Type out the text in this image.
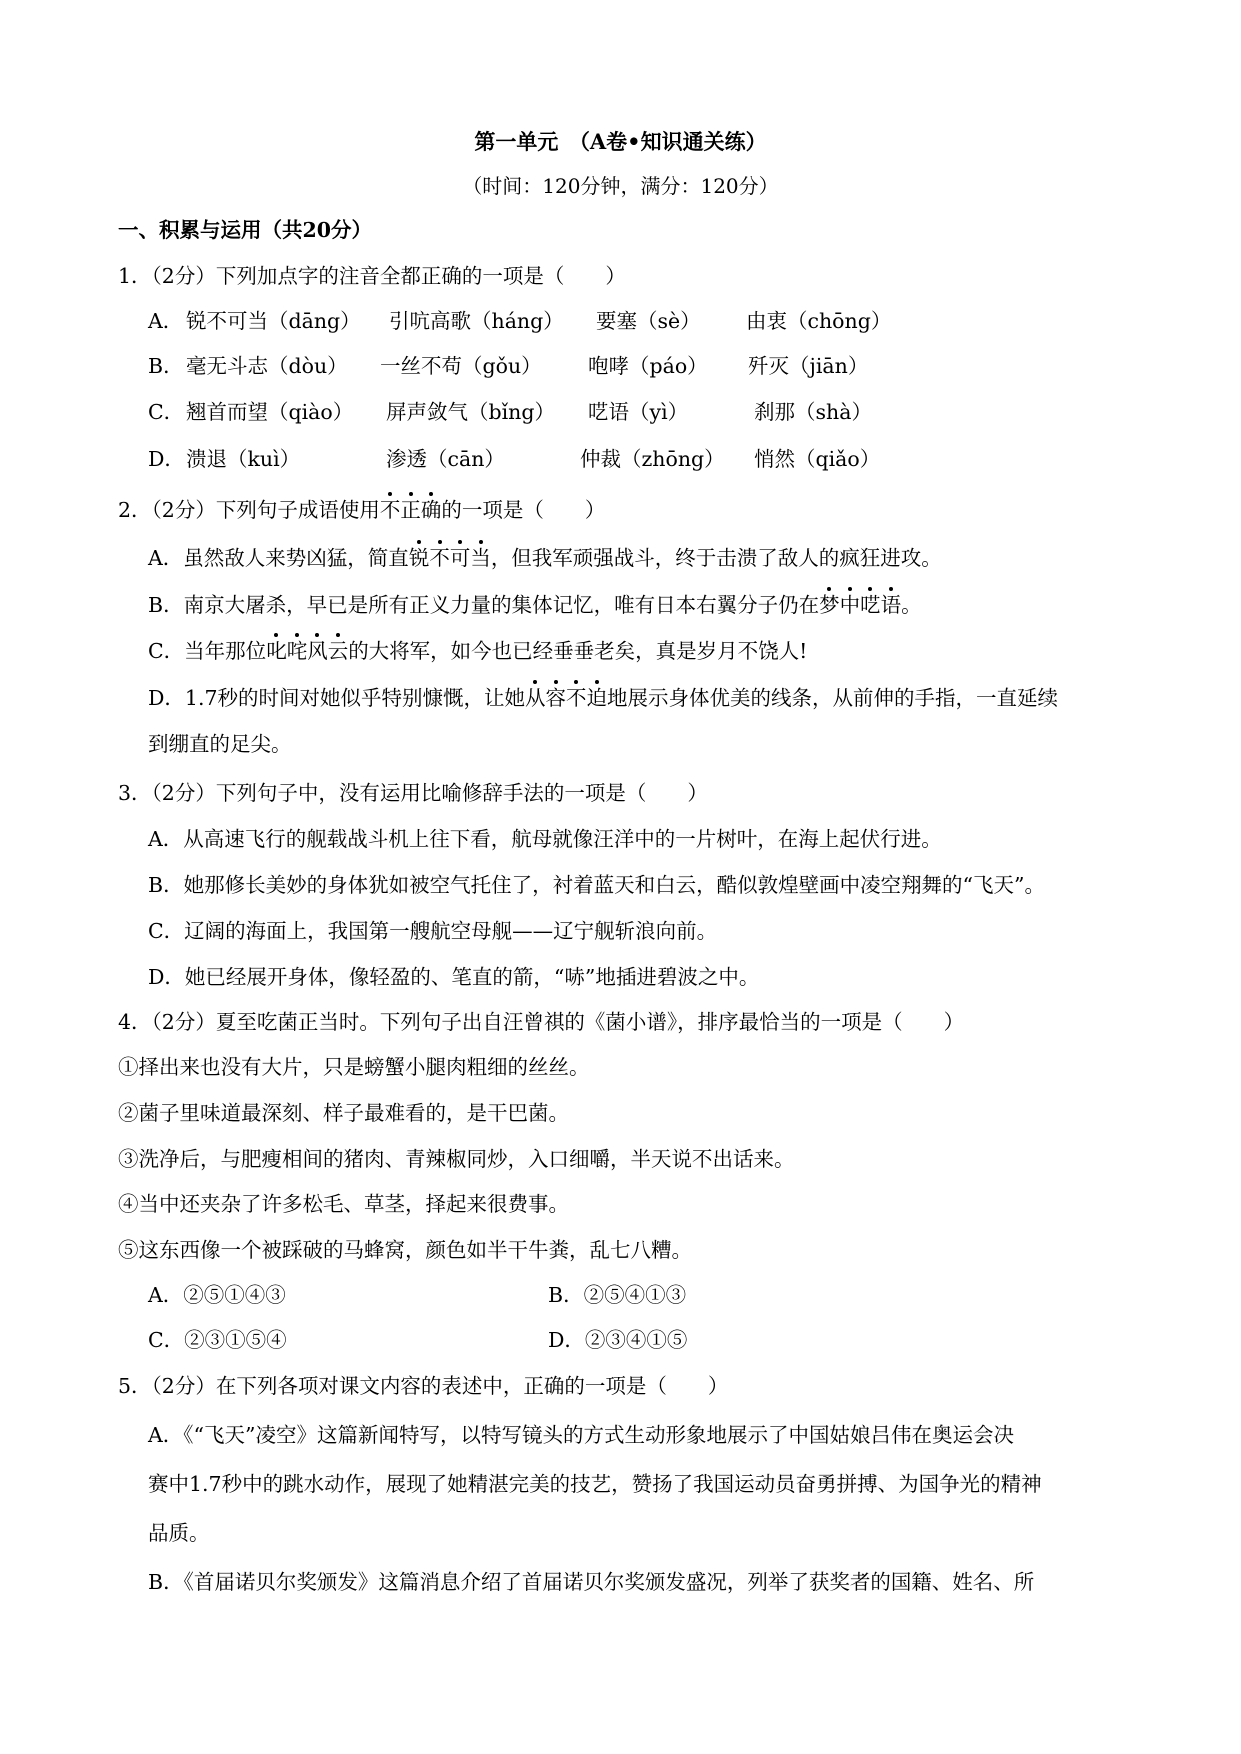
第一单元　（A卷•知识通关练）
（时间：120分钟，满分：120分）
一、积累与运用（共20分）
1．（2分）下列加点字的注音全都正确的一项是（　　）
A． 锐不可当（dāng） 引吭高歌（háng） 要塞（sè） 由衷（chōng）
B． 毫无斗志（dòu） 一丝不苟（gǒu） 咆哮（páo） 歼灭（jiān）
C． 翘首而望（qiào） 屏声敛气（bǐng） 呓语（yì）	刹那（shà）
D． 溃退（kuì）	渗透（cān）	仲裁（zhōng） 悄然（qiǎo）
2．（2分）下列句子成语使用不正确的一项是（　　）
A．虽然敌人来势凶猛，简直锐不可当，但我军顽强战斗，终于击溃了敌人的疯狂进攻。
B．南京大屠杀，早已是所有正义力量的集体记忆，唯有日本右翼分子仍在梦中呓语。
C．当年那位叱咤风云的大将军，如今也已经垂垂老矣，真是岁月不饶人!
D．1.7秒的时间对她似乎特别慷慨，让她从容不迫地展示身体优美的线条，从前伸的手指，一直延续
到绷直的足尖。
3．（2分）下列句子中，没有运用比喻修辞手法的一项是（　　）
A．从高速飞行的舰载战斗机上往下看，航母就像汪洋中的一片树叶，在海上起伏行进。
B．她那修长美妙的身体犹如被空气托住了，衬着蓝天和白云，酷似敦煌壁画中凌空翔舞的“飞天”。
C．辽阔的海面上，我国第一艘航空母舰——辽宁舰斩浪向前。
D．她已经展开身体，像轻盈的、笔直的箭，“哧”地插进碧波之中。
4．（2分）夏至吃菌正当时。下列句子出自汪曾祺的《菌小谱》，排序最恰当的一项是（　　）
①择出来也没有大片，只是螃蟹小腿肉粗细的丝丝。
②菌子里味道最深刻、样子最难看的，是干巴菌。
③洗净后，与肥瘦相间的猪肉、青辣椒同炒，入口细嚼，半天说不出话来。
④当中还夹杂了许多松毛、草茎，择起来很费事。
⑤这东西像一个被踩破的马蜂窝，颜色如半干牛粪，乱七八糟。
A．②⑤①④③	B．②⑤④①③
C．②③①⑤④	D．②③④①⑤
5．（2分）在下列各项对课文内容的表述中，正确的一项是（　　）
A．《“飞天”凌空》这篇新闻特写，以特写镜头的方式生动形象地展示了中国姑娘吕伟在奥运会决
赛中1.7秒中的跳水动作，展现了她精湛完美的技艺，赞扬了我国运动员奋勇拼搏、为国争光的精神
品质。
B．《首届诺贝尔奖颁发》这篇消息介绍了首届诺贝尔奖颁发盛况，列举了获奖者的国籍、姓名、所
